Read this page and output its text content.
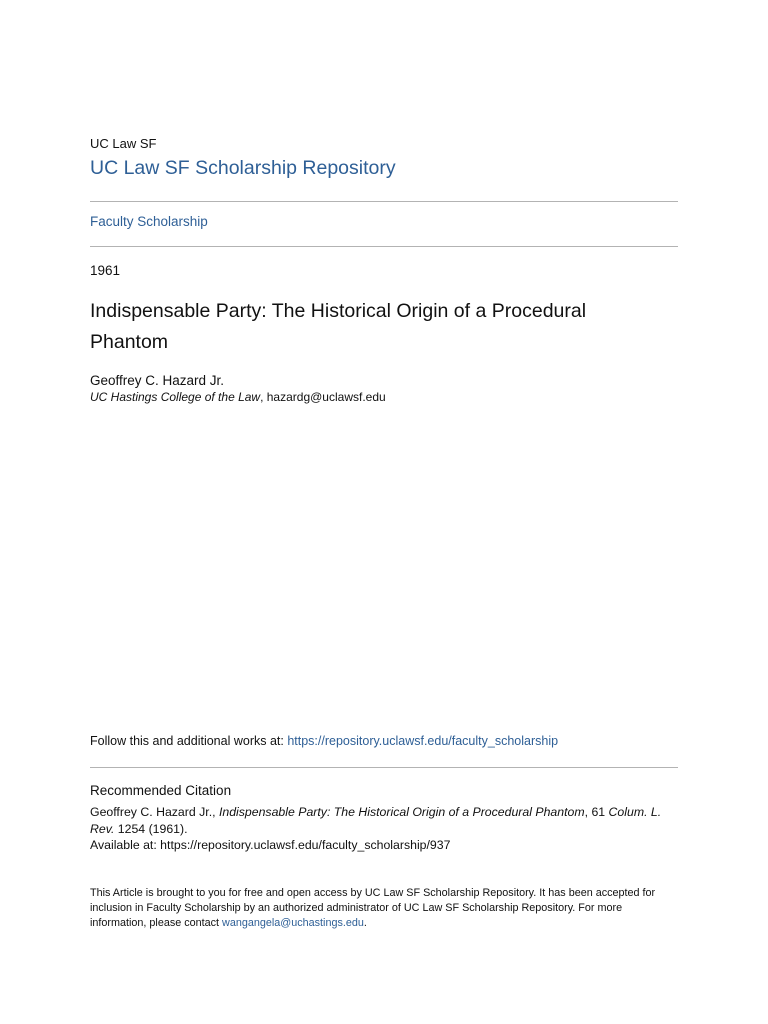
UC Law SF
UC Law SF Scholarship Repository
Faculty Scholarship
1961
Indispensable Party: The Historical Origin of a Procedural Phantom
Geoffrey C. Hazard Jr.
UC Hastings College of the Law, hazardg@uclawsf.edu
Follow this and additional works at: https://repository.uclawsf.edu/faculty_scholarship
Recommended Citation
Geoffrey C. Hazard Jr., Indispensable Party: The Historical Origin of a Procedural Phantom, 61 Colum. L. Rev. 1254 (1961).
Available at: https://repository.uclawsf.edu/faculty_scholarship/937
This Article is brought to you for free and open access by UC Law SF Scholarship Repository. It has been accepted for inclusion in Faculty Scholarship by an authorized administrator of UC Law SF Scholarship Repository. For more information, please contact wangangela@uchastings.edu.
